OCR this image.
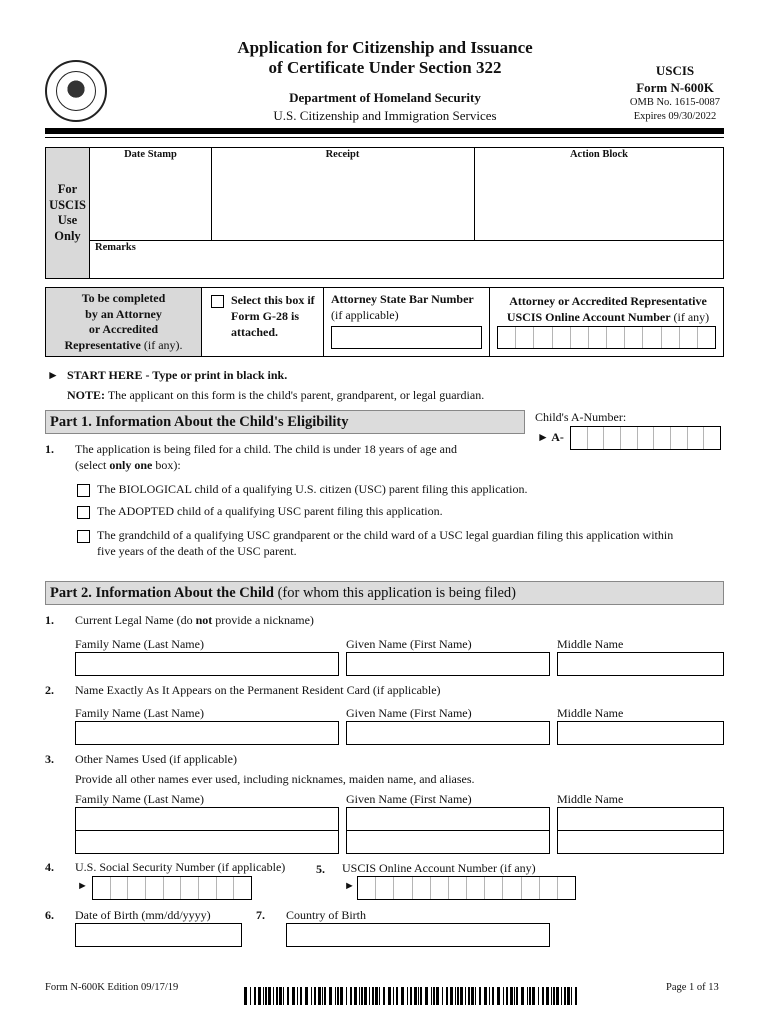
Application for Citizenship and Issuance
of Certificate Under Section 322
Department of Homeland Security
U.S. Citizenship and Immigration Services
USCIS
Form N-600K
OMB No. 1615-0087
Expires 09/30/2022
For
USCIS
Use
Only
Date Stamp	Receipt	Action Block
Remarks
To be completed
by an Attorney
or Accredited
Representative (if any).
Select this box if
Form G-28 is
attached.
Attorney State Bar Number
(if applicable)
Attorney or Accredited Representative
USCIS Online Account Number (if any)
► START HERE - Type or print in black ink.
NOTE: The applicant on this form is the child's parent, grandparent, or legal guardian.
Part 1. Information About the Child's Eligibility	Child's A-Number:
► A-
1. The application is being filed for a child. The child is under 18 years of age and
(select only one box):
The BIOLOGICAL child of a qualifying U.S. citizen (USC) parent filing this application.
The ADOPTED child of a qualifying USC parent filing this application.
The grandchild of a qualifying USC grandparent or the child ward of a USC legal guardian filing this application within
five years of the death of the USC parent.
Part 2. Information About the Child (for whom this application is being filed)
1. Current Legal Name (do not provide a nickname)
Family Name (Last Name)	Given Name (First Name)	Middle Name
2. Name Exactly As It Appears on the Permanent Resident Card (if applicable)
Family Name (Last Name)	Given Name (First Name)	Middle Name
3. Other Names Used (if applicable)
Provide all other names ever used, including nicknames, maiden name, and aliases.
Family Name (Last Name)	Given Name (First Name)	Middle Name
4. U.S. Social Security Number (if applicable)
►
5. USCIS Online Account Number (if any)
►
6. Date of Birth (mm/dd/yyyy)	7. Country of Birth
Form N-600K Edition 09/17/19	Page 1 of 13
